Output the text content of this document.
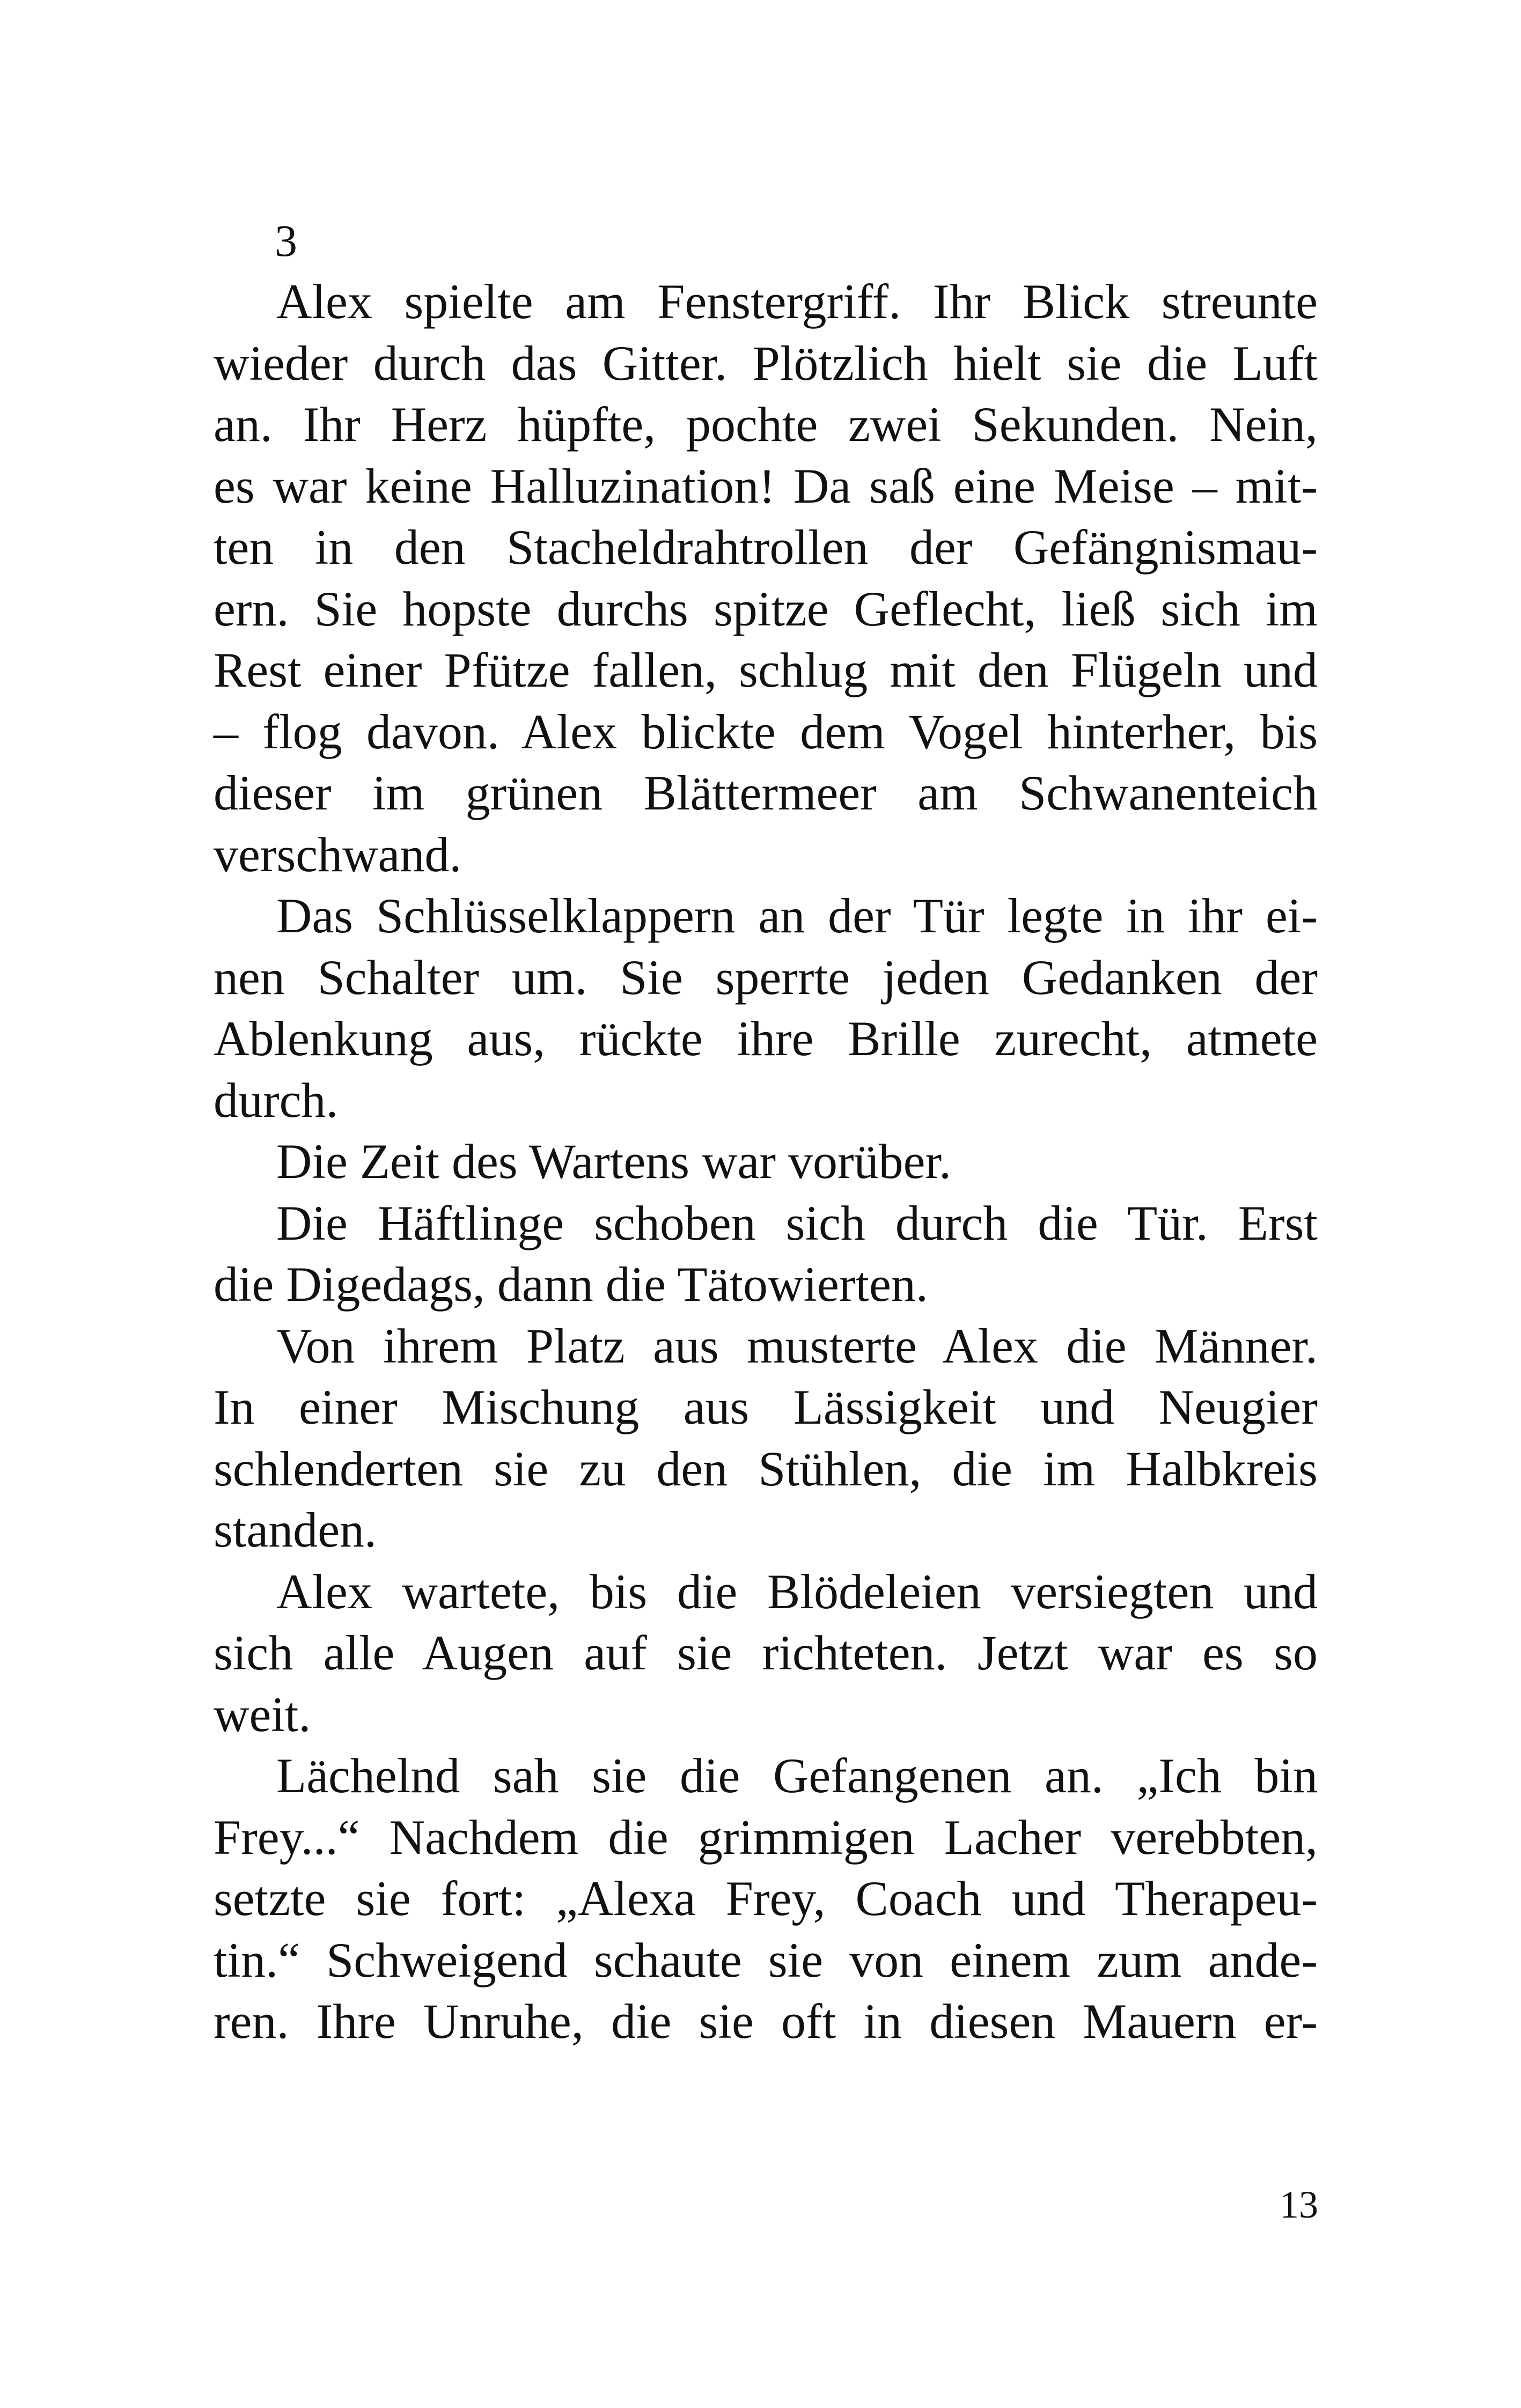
3
Alex spielte am Fenstergriff. Ihr Blick streunte
wieder durch das Gitter. Plötzlich hielt sie die Luft
an. Ihr Herz hüpfte, pochte zwei Sekunden. Nein,
es war keine Halluzination! Da saß eine Meise – mit-
ten in den Stacheldrahtrollen der Gefängnismau-
ern. Sie hopste durchs spitze Geflecht, ließ sich im
Rest einer Pfütze fallen, schlug mit den Flügeln und
– flog davon. Alex blickte dem Vogel hinterher, bis
dieser im grünen Blättermeer am Schwanenteich
verschwand.
Das Schlüsselklappern an der Tür legte in ihr ei-
nen Schalter um. Sie sperrte jeden Gedanken der
Ablenkung aus, rückte ihre Brille zurecht, atmete
durch.
Die Zeit des Wartens war vorüber.
Die Häftlinge schoben sich durch die Tür. Erst
die Digedags, dann die Tätowierten.
Von ihrem Platz aus musterte Alex die Männer.
In einer Mischung aus Lässigkeit und Neugier
schlenderten sie zu den Stühlen, die im Halbkreis
standen.
Alex wartete, bis die Blödeleien versiegten und
sich alle Augen auf sie richteten. Jetzt war es so
weit.
Lächelnd sah sie die Gefangenen an. „Ich bin
Frey...“ Nachdem die grimmigen Lacher verebbten,
setzte sie fort: „Alexa Frey, Coach und Therapeu-
tin.“ Schweigend schaute sie von einem zum ande-
ren. Ihre Unruhe, die sie oft in diesen Mauern er-
13
